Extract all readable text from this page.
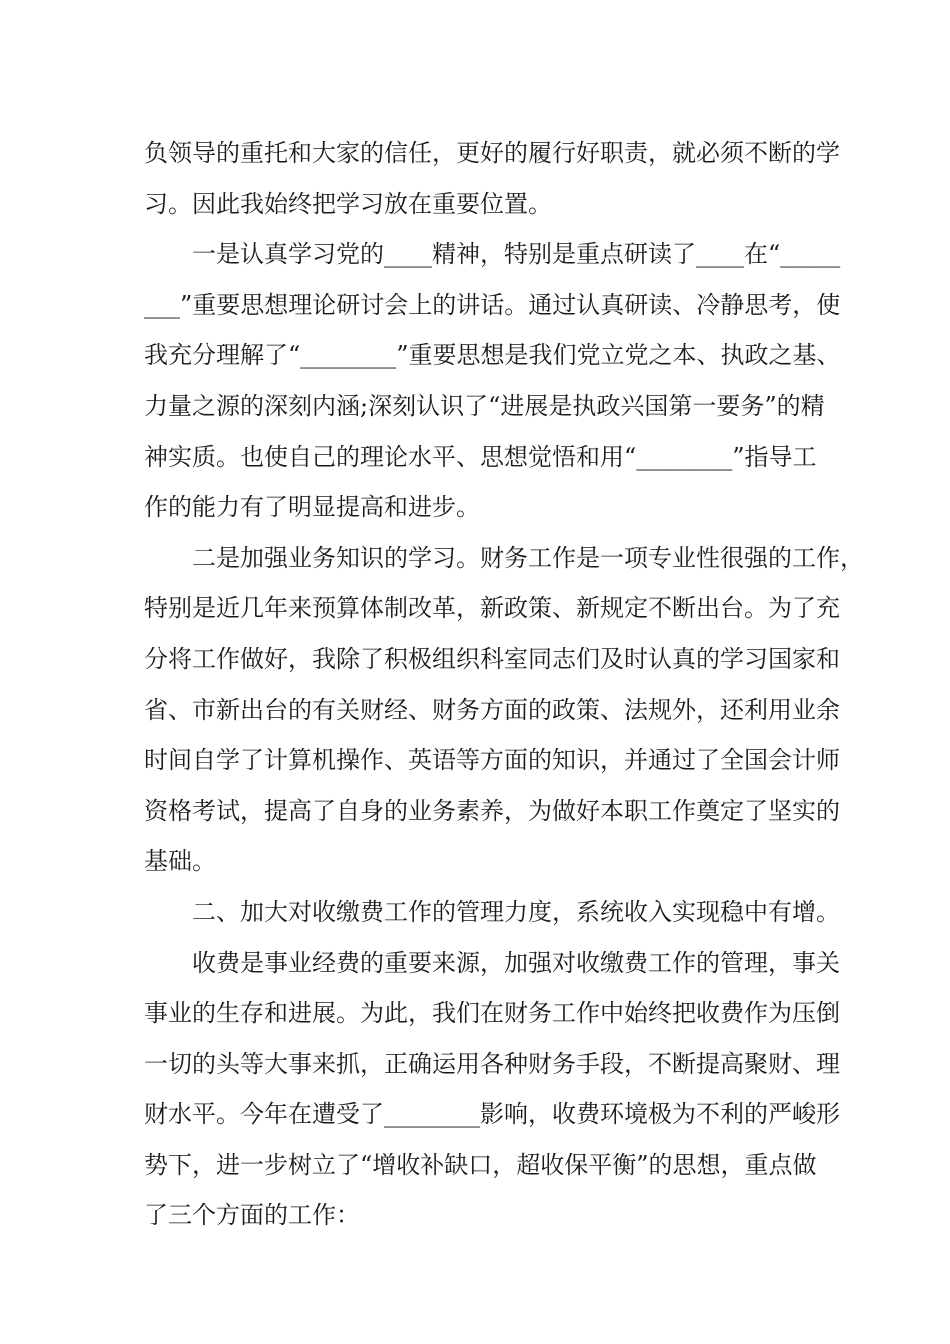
负领导的重托和大家的信任，更好的履行好职责，就必须不断的学
习。因此我始终把学习放在重要位置。
一是认真学习党的____精神，特别是重点研读了____在“_____
___”重要思想理论研讨会上的讲话。通过认真研读、冷静思考，使
我充分理解了“________”重要思想是我们党立党之本、执政之基、
力量之源的深刻内涵;深刻认识了“进展是执政兴国第一要务”的精
神实质。也使自己的理论水平、思想觉悟和用“________”指导工
作的能力有了明显提高和进步。
二是加强业务知识的学习。财务工作是一项专业性很强的工作，
特别是近几年来预算体制改革，新政策、新规定不断出台。为了充
分将工作做好，我除了积极组织科室同志们及时认真的学习国家和
省、市新出台的有关财经、财务方面的政策、法规外，还利用业余
时间自学了计算机操作、英语等方面的知识，并通过了全国会计师
资格考试，提高了自身的业务素养，为做好本职工作奠定了坚实的
基础。
二、加大对收缴费工作的管理力度，系统收入实现稳中有增。
收费是事业经费的重要来源，加强对收缴费工作的管理，事关
事业的生存和进展。为此，我们在财务工作中始终把收费作为压倒
一切的头等大事来抓，正确运用各种财务手段，不断提高聚财、理
财水平。今年在遭受了________影响，收费环境极为不利的严峻形
势下，进一步树立了“增收补缺口，超收保平衡”的思想，重点做
了三个方面的工作：
